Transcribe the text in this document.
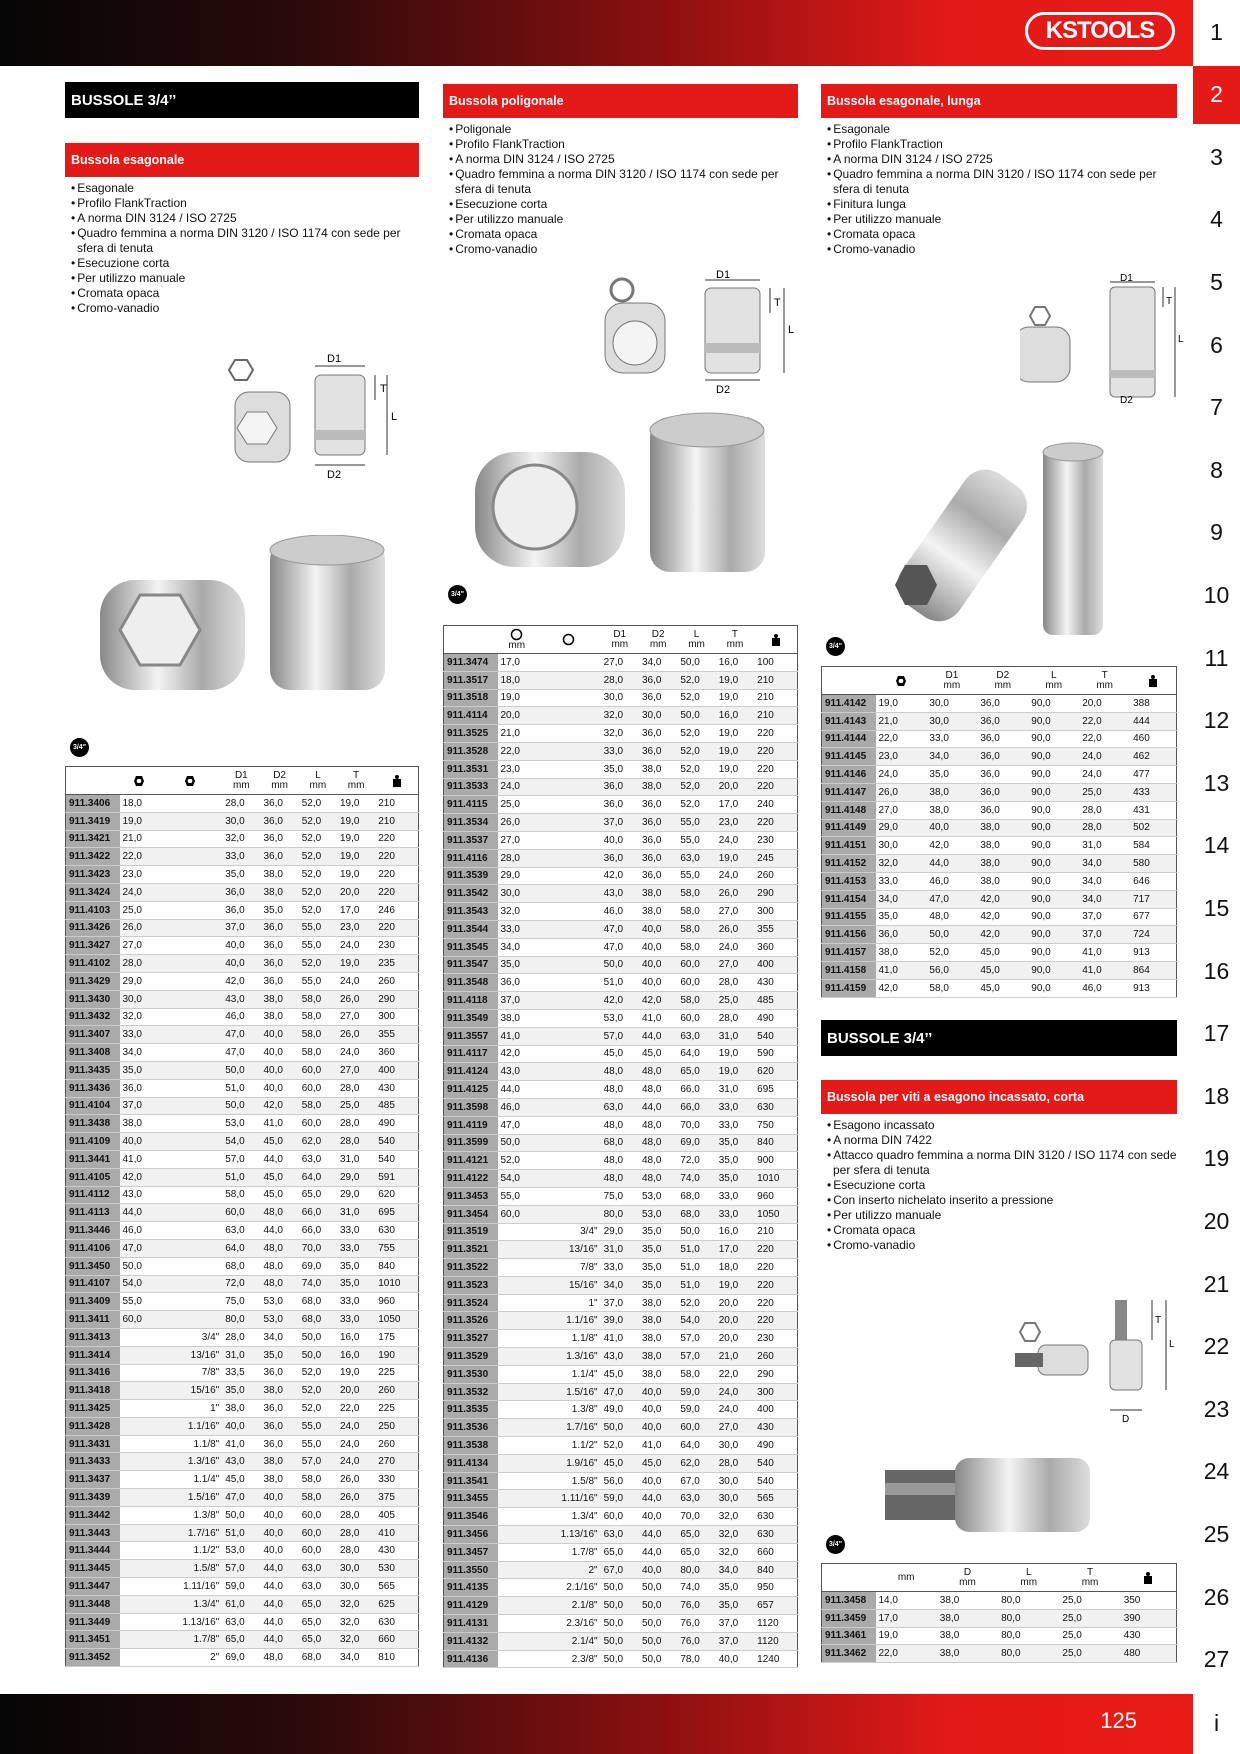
KSTOOLS	1
2
3
4
5
6
7
8
9
10
11
12
13
14
15
16
17
18
19
20
21
22
23
24
25
26
27
i
BUSSOLE 3/4’’
Bussola esagonale
• Esagonale
• Profilo FlankTraction
• A norma DIN 3124 / ISO 2725
• Quadro femmina a norma DIN 3120 / ISO 1174 con sede per sfera di tenuta
• Esecuzione corta
• Per utilizzo manuale
• Cromata opaca
• Cromo-vanadio
D1
D2
T
L
3/4"
			D1
mm	D2
mm	L
mm	T
mm	
911.3406	18,0		28,0	36,0	52,0	19,0	210
911.3419	19,0		30,0	36,0	52,0	19,0	210
911.3421	21,0		32,0	36,0	52,0	19,0	220
911.3422	22,0		33,0	36,0	52,0	19,0	220
911.3423	23,0		35,0	38,0	52,0	19,0	220
911.3424	24,0		36,0	38,0	52,0	20,0	220
911.4103	25,0		36,0	35,0	52,0	17,0	246
911.3426	26,0		37,0	36,0	55,0	23,0	220
911.3427	27,0		40,0	36,0	55,0	24,0	230
911.4102	28,0		40,0	36,0	52,0	19,0	235
911.3429	29,0		42,0	36,0	55,0	24,0	260
911.3430	30,0		43,0	38,0	58,0	26,0	290
911.3432	32,0		46,0	38,0	58,0	27,0	300
911.3407	33,0		47,0	40,0	58,0	26,0	355
911.3408	34,0		47,0	40,0	58,0	24,0	360
911.3435	35,0		50,0	40,0	60,0	27,0	400
911.3436	36,0		51,0	40,0	60,0	28,0	430
911.4104	37,0		50,0	42,0	58,0	25,0	485
911.3438	38,0		53,0	41,0	60,0	28,0	490
911.4109	40,0		54,0	45,0	62,0	28,0	540
911.3441	41,0		57,0	44,0	63,0	31,0	540
911.4105	42,0		51,0	45,0	64,0	29,0	591
911.4112	43,0		58,0	45,0	65,0	29,0	620
911.4113	44,0		60,0	48,0	66,0	31,0	695
911.3446	46,0		63,0	44,0	66,0	33,0	630
911.4106	47,0		64,0	48,0	70,0	33,0	755
911.3450	50,0		68,0	48,0	69,0	35,0	840
911.4107	54,0		72,0	48,0	74,0	35,0	1010
911.3409	55,0		75,0	53,0	68,0	33,0	960
911.3411	60,0		80,0	53,0	68,0	33,0	1050
911.3413		3/4"	28,0	34,0	50,0	16,0	175
911.3414		13/16"	31,0	35,0	50,0	16,0	190
911.3416		7/8"	33,5	36,0	52,0	19,0	225
911.3418		15/16"	35,0	38,0	52,0	20,0	260
911.3425		1"	38,0	36,0	52,0	22,0	225
911.3428		1.1/16"	40,0	36,0	55,0	24,0	250
911.3431		1.1/8"	41,0	36,0	55,0	24,0	260
911.3433		1.3/16"	43,0	38,0	57,0	24,0	270
911.3437		1.1/4"	45,0	38,0	58,0	26,0	330
911.3439		1.5/16"	47,0	40,0	58,0	26,0	375
911.3442		1.3/8"	50,0	40,0	60,0	28,0	405
911.3443		1.7/16"	51,0	40,0	60,0	28,0	410
911.3444		1.1/2"	53,0	40,0	60,0	28,0	430
911.3445		1.5/8"	57,0	44,0	63,0	30,0	530
911.3447		1.11/16"	59,0	44,0	63,0	30,0	565
911.3448		1.3/4"	61,0	44,0	65,0	32,0	625
911.3449		1.13/16"	63,0	44,0	65,0	32,0	630
911.3451		1.7/8"	65,0	44,0	65,0	32,0	660
911.3452		2"	69,0	48,0	68,0	34,0	810
Bussola poligonale
• Poligonale
• Profilo FlankTraction
• A norma DIN 3124 / ISO 2725
• Quadro femmina a norma DIN 3120 / ISO 1174 con sede per sfera di tenuta
• Esecuzione corta
• Per utilizzo manuale
• Cromata opaca
• Cromo-vanadio
D1
D2
T
L
3/4"

mm		D1
mm	D2
mm	L
mm	T
mm	
911.3474	17,0		27,0	34,0	50,0	16,0	100
911.3517	18,0		28,0	36,0	52,0	19,0	210
911.3518	19,0		30,0	36,0	52,0	19,0	210
911.4114	20,0		32,0	30,0	50,0	16,0	210
911.3525	21,0		32,0	36,0	52,0	19,0	220
911.3528	22,0		33,0	36,0	52,0	19,0	220
911.3531	23,0		35,0	38,0	52,0	19,0	220
911.3533	24,0		36,0	38,0	52,0	20,0	220
911.4115	25,0		36,0	36,0	52,0	17,0	240
911.3534	26,0		37,0	36,0	55,0	23,0	220
911.3537	27,0		40,0	36,0	55,0	24,0	230
911.4116	28,0		36,0	36,0	63,0	19,0	245
911.3539	29,0		42,0	36,0	55,0	24,0	260
911.3542	30,0		43,0	38,0	58,0	26,0	290
911.3543	32,0		46,0	38,0	58,0	27,0	300
911.3544	33,0		47,0	40,0	58,0	26,0	355
911.3545	34,0		47,0	40,0	58,0	24,0	360
911.3547	35,0		50,0	40,0	60,0	27,0	400
911.3548	36,0		51,0	40,0	60,0	28,0	430
911.4118	37,0		42,0	42,0	58,0	25,0	485
911.3549	38,0		53,0	41,0	60,0	28,0	490
911.3557	41,0		57,0	44,0	63,0	31,0	540
911.4117	42,0		45,0	45,0	64,0	19,0	590
911.4124	43,0		48,0	48,0	65,0	19,0	620
911.4125	44,0		48,0	48,0	66,0	31,0	695
911.3598	46,0		63,0	44,0	66,0	33,0	630
911.4119	47,0		48,0	48,0	70,0	33,0	750
911.3599	50,0		68,0	48,0	69,0	35,0	840
911.4121	52,0		48,0	48,0	72,0	35,0	900
911.4122	54,0		48,0	48,0	74,0	35,0	1010
911.3453	55,0		75,0	53,0	68,0	33,0	960
911.3454	60,0		80,0	53,0	68,0	33,0	1050
911.3519		3/4"	29,0	35,0	50,0	16,0	210
911.3521		13/16"	31,0	35,0	51,0	17,0	220
911.3522		7/8"	33,0	35,0	51,0	18,0	220
911.3523		15/16"	34,0	35,0	51,0	19,0	220
911.3524		1"	37,0	38,0	52,0	20,0	220
911.3526		1.1/16"	39,0	38,0	54,0	20,0	220
911.3527		1.1/8"	41,0	38,0	57,0	20,0	230
911.3529		1.3/16"	43,0	38,0	57,0	21,0	260
911.3530		1.1/4"	45,0	38,0	58,0	22,0	290
911.3532		1.5/16"	47,0	40,0	59,0	24,0	300
911.3535		1.3/8"	49,0	40,0	59,0	24,0	400
911.3536		1.7/16"	50,0	40,0	60,0	27,0	430
911.3538		1.1/2"	52,0	41,0	64,0	30,0	490
911.4134		1.9/16"	45,0	45,0	62,0	28,0	540
911.3541		1.5/8"	56,0	40,0	67,0	30,0	540
911.3455		1.11/16"	59,0	44,0	63,0	30,0	565
911.3546		1.3/4"	60,0	40,0	70,0	32,0	630
911.3456		1.13/16"	63,0	44,0	65,0	32,0	630
911.3457		1.7/8"	65,0	44,0	65,0	32,0	660
911.3550		2"	67,0	40,0	80,0	34,0	840
911.4135		2.1/16"	50,0	50,0	74,0	35,0	950
911.4129		2.1/8"	50,0	50,0	76,0	35,0	657
911.4131		2.3/16"	50,0	50,0	76,0	37,0	1120
911.4132		2.1/4"	50,0	50,0	76,0	37,0	1120
911.4136		2.3/8"	50,0	50,0	78,0	40,0	1240
Bussola esagonale, lunga
• Esagonale
• Profilo FlankTraction
• A norma DIN 3124 / ISO 2725
• Quadro femmina a norma DIN 3120 / ISO 1174 con sede per sfera di tenuta
• Finitura lunga
• Per utilizzo manuale
• Cromata opaca
• Cromo-vanadio
D1
D2
T
L
3/4"
		D1
mm	D2
mm	L
mm	T
mm	
911.4142	19,0	30,0	36,0	90,0	20,0	388
911.4143	21,0	30,0	36,0	90,0	22,0	444
911.4144	22,0	33,0	36,0	90,0	22,0	460
911.4145	23,0	34,0	36,0	90,0	24,0	462
911.4146	24,0	35,0	36,0	90,0	24,0	477
911.4147	26,0	38,0	36,0	90,0	25,0	433
911.4148	27,0	38,0	36,0	90,0	28,0	431
911.4149	29,0	40,0	38,0	90,0	28,0	502
911.4151	30,0	42,0	38,0	90,0	31,0	584
911.4152	32,0	44,0	38,0	90,0	34,0	580
911.4153	33,0	46,0	38,0	90,0	34,0	646
911.4154	34,0	47,0	42,0	90,0	34,0	717
911.4155	35,0	48,0	42,0	90,0	37,0	677
911.4156	36,0	50,0	42,0	90,0	37,0	724
911.4157	38,0	52,0	45,0	90,0	41,0	913
911.4158	41,0	56,0	45,0	90,0	41,0	864
911.4159	42,0	58,0	45,0	90,0	46,0	913
BUSSOLE 3/4’’
Bussola per viti a esagono incassato, corta
• Esagono incassato
• A norma DIN 7422
• Attacco quadro femmina a norma DIN 3120 / ISO 1174 con sede per sfera di tenuta
• Esecuzione corta
• Con inserto nichelato inserito a pressione
• Per utilizzo manuale
• Cromata opaca
• Cromo-vanadio
T
L
D
3/4"
	mm	D
mm	L
mm	T
mm	
911.3458	14,0	38,0	80,0	25,0	350
911.3459	17,0	38,0	80,0	25,0	390
911.3461	19,0	38,0	80,0	25,0	430
911.3462	22,0	38,0	80,0	25,0	480
125
